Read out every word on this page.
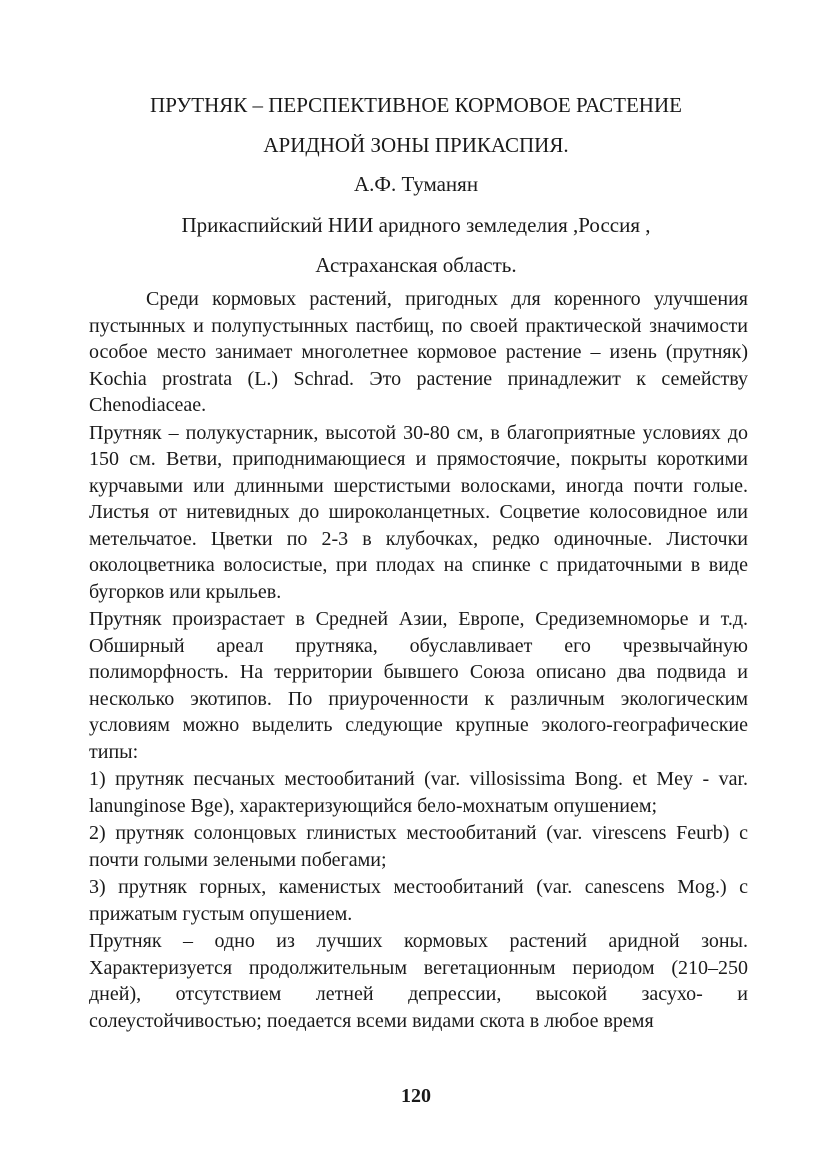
ПРУТНЯК – ПЕРСПЕКТИВНОЕ КОРМОВОЕ РАСТЕНИЕ
АРИДНОЙ ЗОНЫ ПРИКАСПИЯ.
А.Ф. Туманян
Прикаспийский НИИ аридного земледелия ,Россия ,
Астраханская область.

Среди кормовых растений, пригодных для коренного улучшения пустынных и полупустынных пастбищ, по своей практической значимости особое место занимает многолетнее кормовое растение – изень (прутняк) Kochia prostrata (L.) Schrad. Это растение принадлежит к семейству Chenodiaceae.

Прутняк – полукустарник, высотой 30-80 см, в благоприятные условиях до 150 см. Ветви, приподнимающиеся и прямостоячие, покрыты короткими курчавыми или длинными шерстистыми волосками, иногда почти голые. Листья от нитевидных до широколанцетных. Соцветие колосовидное или метельчатое. Цветки по 2-3 в клубочках, редко одиночные. Листочки околоцветника волосистые, при плодах на спинке с придаточными в виде бугорков или крыльев.

Прутняк произрастает в Средней Азии, Европе, Средиземноморье и т.д. Обширный ареал прутняка, обуславливает его чрезвычайную полиморфность. На территории бывшего Союза описано два подвида и несколько экотипов. По приуроченности к различным экологическим условиям можно выделить следующие крупные эколого-географические типы:

1) прутняк песчаных местообитаний (var. villosissima Bong. et Mey - var. lanunginose Bge), характеризующийся бело-мохнатым опушением;

2) прутняк солонцовых глинистых местообитаний (var. virescens Feurb) с почти голыми зелеными побегами;

3) прутняк горных, каменистых местообитаний (var. canescens Mog.) с прижатым густым опушением.

Прутняк – одно из лучших кормовых растений аридной зоны. Характеризуется продолжительным вегетационным периодом (210–250 дней), отсутствием летней депрессии, высокой засухо- и солеустойчивостью; поедается всеми видами скота в любое время

120
